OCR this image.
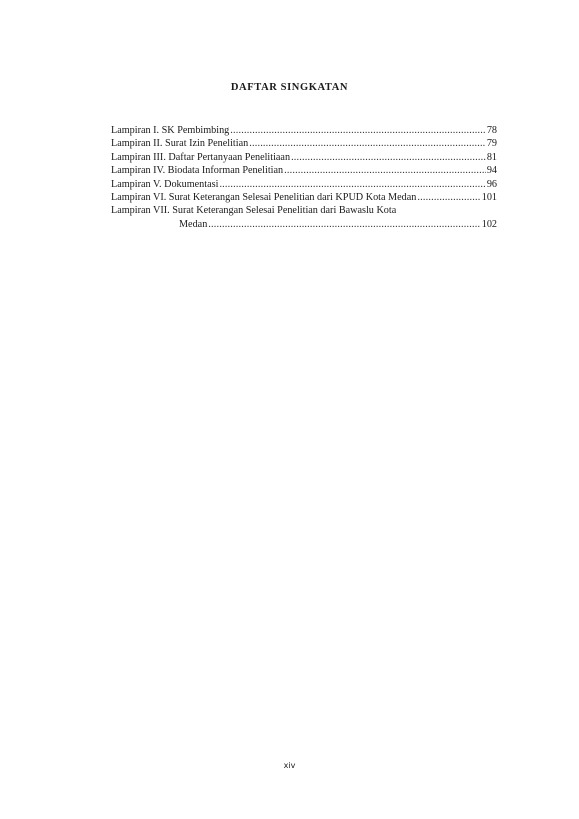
DAFTAR SINGKATAN
Lampiran I. SK Pembimbing .....	78
Lampiran II. Surat Izin Penelitian .....	79
Lampiran III. Daftar Pertanyaan Penelitiaan .....	81
Lampiran IV. Biodata Informan Penelitian .....	94
Lampiran V. Dokumentasi .....	96
Lampiran VI. Surat Keterangan Selesai Penelitian dari KPUD Kota Medan .....	101
Lampiran VII. Surat Keterangan Selesai Penelitian dari Bawaslu Kota
Medan .....	102
xiv
